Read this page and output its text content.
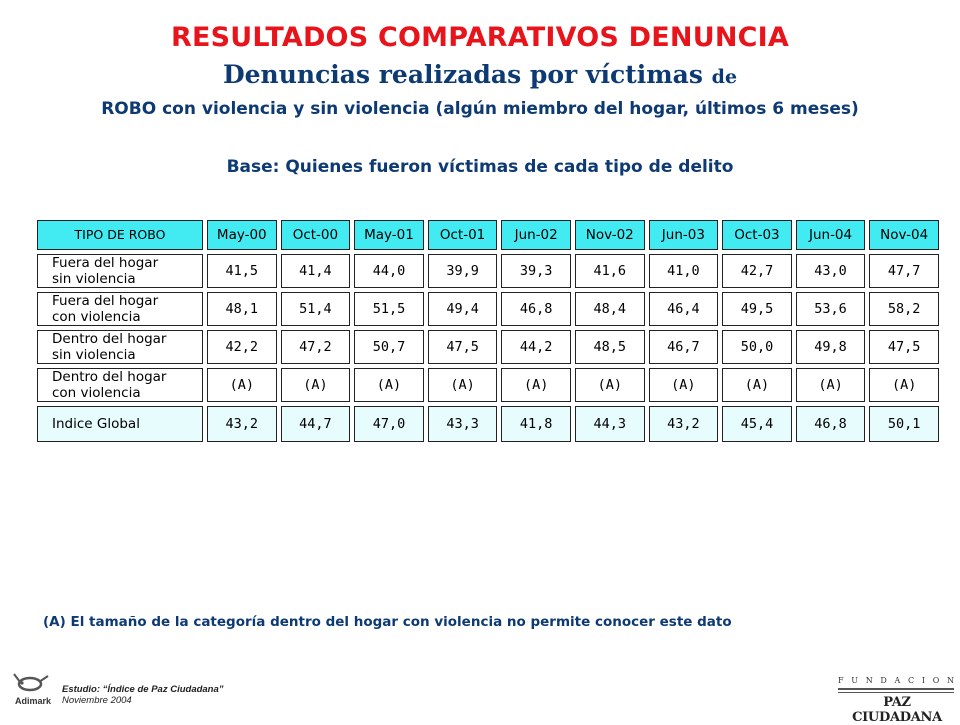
RESULTADOS COMPARATIVOS DENUNCIA
Denuncias realizadas por víctimas de
ROBO con violencia y sin violencia (algún miembro del hogar, últimos 6 meses)
Base: Quienes fueron víctimas de cada tipo de delito
TIPO DE ROBO	May-00	Oct-00	May-01	Oct-01	Jun-02	Nov-02	Jun-03	Oct-03	Jun-04	Nov-04

Fuera del hogar
sin violencia	41,5	41,4	44,0	39,9	39,3	41,6	41,0	42,7	43,0	47,7

Fuera del hogar
con violencia	48,1	51,4	51,5	49,4	46,8	48,4	46,4	49,5	53,6	58,2

Dentro del hogar
sin violencia	42,2	47,2	50,7	47,5	44,2	48,5	46,7	50,0	49,8	47,5

Dentro del hogar
con violencia	(A)	(A)	(A)	(A)	(A)	(A)	(A)	(A)	(A)	(A)
Indice Global	43,2	44,7	47,0	43,3	41,8	44,3	43,2	45,4	46,8	50,1
(A) El tamaño de la categoría dentro del hogar con violencia no permite conocer este dato
Adimark
Estudio: “Índice de Paz Ciudadana”
Noviembre 2004
F U N D A C I O N
PAZ CIUDADANA
